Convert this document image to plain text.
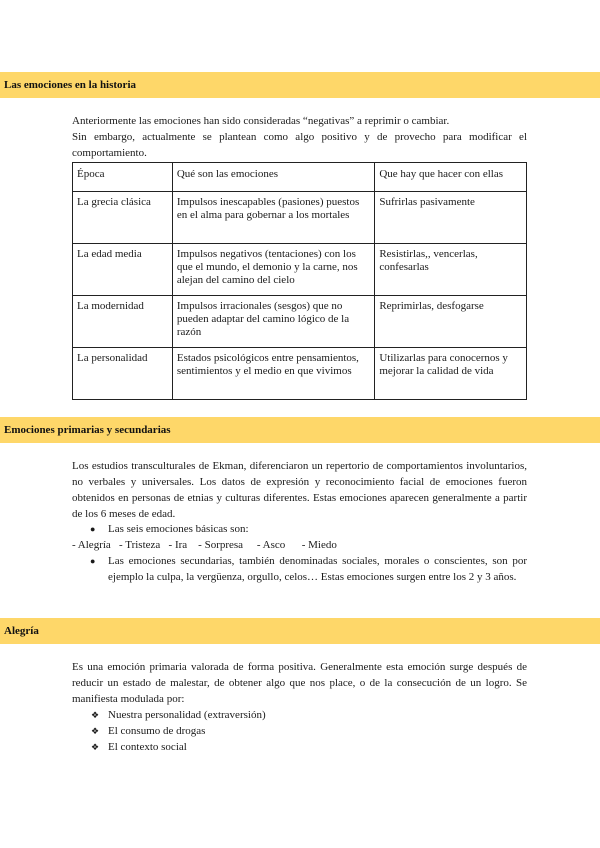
Las emociones en la historia

Anteriormente las emociones han sido consideradas “negativas” a reprimir o cambiar.

Sin embargo, actualmente se plantean como algo positivo y de provecho para modificar el comportamiento.

Época	Qué son las emociones	Que hay que hacer con ellas
La grecia clásica	Impulsos inescapables (pasiones) puestos en el alma para gobernar a los mortales	Sufrirlas pasivamente
La edad media	Impulsos negativos (tentaciones) con los que el mundo, el demonio y la carne, nos alejan del camino del cielo	Resistirlas,, vencerlas, confesarlas
La modernidad	Impulsos irracionales (sesgos) que no pueden adaptar del camino lógico de la razón	Reprimirlas, desfogarse
La personalidad	Estados psicológicos entre pensamientos, sentimientos y el medio en que vivimos	Utilizarlas para conocernos y mejorar la calidad de vida
Emociones primarias y secundarias

Los estudios transculturales de Ekman, diferenciaron un repertorio de comportamientos involuntarios, no verbales y universales. Los datos de expresión y reconocimiento facial de emociones fueron obtenidos en personas de etnias y culturas diferentes. Estas emociones aparecen generalmente a partir de los 6 meses de edad.

● Las seis emociones básicas son:
- Alegría   - Tristeza   - Ira    - Sorpresa     - Asco      - Miedo
● Las emociones secundarias, también denominadas sociales, morales o conscientes, son por ejemplo la culpa, la vergüenza, orgullo, celos… Estas emociones surgen entre los 2 y 3 años.
Alegría

Es una emoción primaria valorada de forma positiva. Generalmente esta emoción surge después de reducir un estado de malestar, de obtener algo que nos place, o de la consecución de un logro. Se manifiesta modulada por:

❖ Nuestra personalidad (extraversión)
❖ El consumo de drogas
❖ El contexto social
